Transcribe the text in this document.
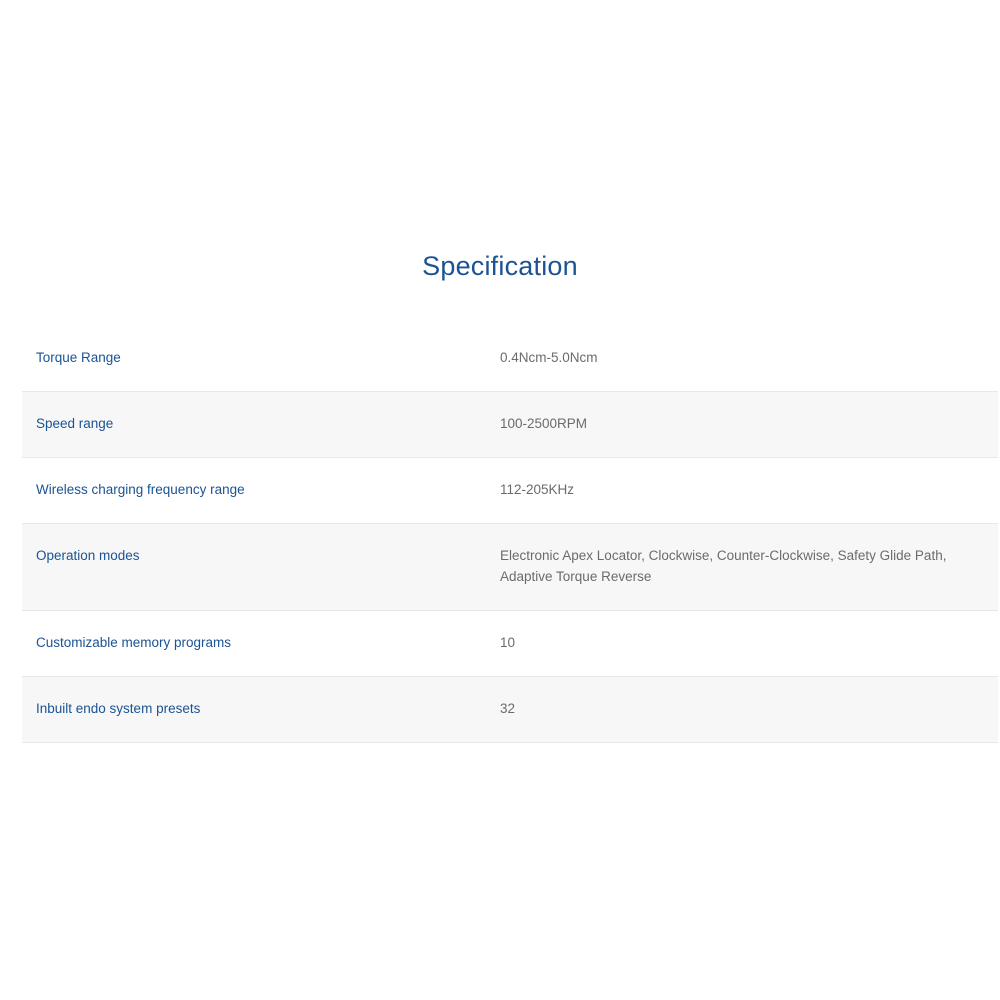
Specification
Torque Range	0.4Ncm-5.0Ncm
Speed range	100-2500RPM
Wireless charging frequency range	112-205KHz
Operation modes	Electronic Apex Locator, Clockwise, Counter-Clockwise, Safety Glide Path, Adaptive Torque Reverse
Customizable memory programs	10
Inbuilt endo system presets	32
